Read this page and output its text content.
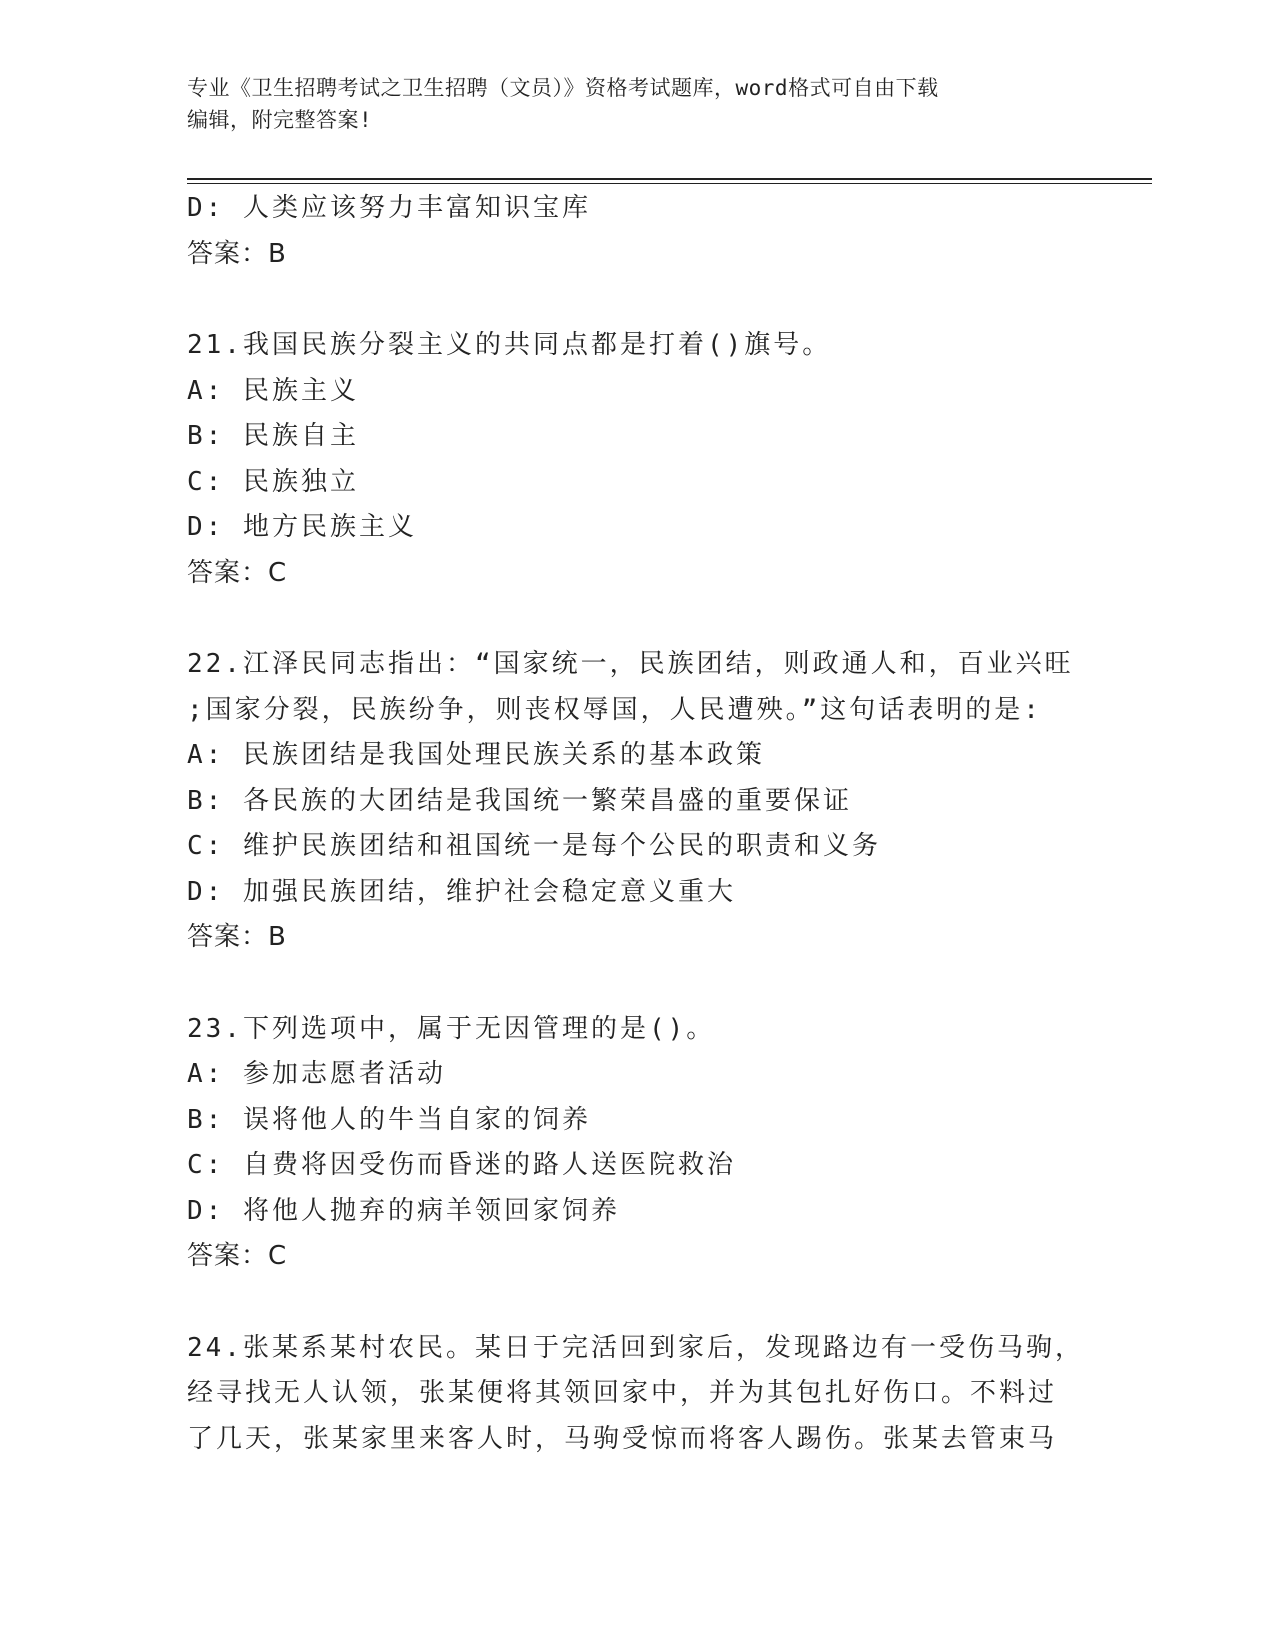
专业《卫生招聘考试之卫生招聘（文员）》资格考试题库，word格式可自由下载
编辑，附完整答案!
D: 人类应该努力丰富知识宝库
答案：B
21.我国民族分裂主义的共同点都是打着()旗号。
A: 民族主义
B: 民族自主
C: 民族独立
D: 地方民族主义
答案：C
22.江泽民同志指出：“国家统一，民族团结，则政通人和，百业兴旺
;国家分裂，民族纷争，则丧权辱国，人民遭殃。”这句话表明的是:
A: 民族团结是我国处理民族关系的基本政策
B: 各民族的大团结是我国统一繁荣昌盛的重要保证
C: 维护民族团结和祖国统一是每个公民的职责和义务
D: 加强民族团结，维护社会稳定意义重大
答案：B
23.下列选项中，属于无因管理的是()。
A: 参加志愿者活动
B: 误将他人的牛当自家的饲养
C: 自费将因受伤而昏迷的路人送医院救治
D: 将他人抛弃的病羊领回家饲养
答案：C
24.张某系某村农民。某日于完活回到家后，发现路边有一受伤马驹，
经寻找无人认领，张某便将其领回家中，并为其包扎好伤口。不料过
了几天，张某家里来客人时，马驹受惊而将客人踢伤。张某去管束马
